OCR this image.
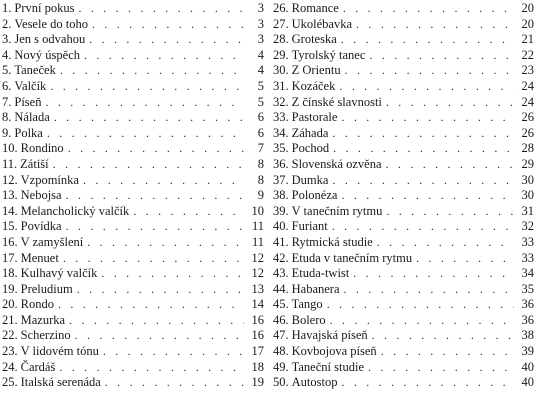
1. První pokus . . .	3
2. Vesele do toho . . .	3
3. Jen s odvahou . . .	3
4. Nový úspěch . . .	4
5. Taneček . . .	4
6. Valčík . . .	5
7. Píseň . . .	5
8. Nálada . . .	6
9. Polka . . .	6
10. Rondino . . .	7
11. Zátiší . . .	8
12. Vzpomínka . . .	8
13. Nebojsa . . .	9
14. Melancholický valčík . . .	10
15. Povídka . . .	11
16. V zamyšlení . . .	11
17. Menuet . . .	12
18. Kulhavý valčík . . .	12
19. Preludium . . .	13
20. Rondo . . .	14
21. Mazurka . . .	16
22. Scherzino . . .	16
23. V lidovém tónu . . .	17
24. Čardáš . . .	18
25. Italská serenáda . . .	19
26. Romance . . .	20
27. Ukolébavka . . .	20
28. Groteska . . .	21
29. Tyrolský tanec . . .	22
30. Z Orientu . . .	23
31. Kozáček . . .	24
32. Z čínské slavnosti . . .	24
33. Pastorale . . .	26
34. Záhada . . .	26
35. Pochod . . .	28
36. Slovenská ozvěna . . .	29
37. Dumka . . .	30
38. Polonéza . . .	30
39. V tanečním rytmu . . .	31
40. Furiant . . .	32
41. Rytmická studie . . .	33
42. Etuda v tanečním rytmu . . .	33
43. Etuda-twist . . .	34
44. Habanera . . .	35
45. Tango . . .	36
46. Bolero . . .	36
47. Havajská píseň . . .	38
48. Kovbojova píseň . . .	39
49. Taneční studie . . .	40
50. Autostop . . .	40
